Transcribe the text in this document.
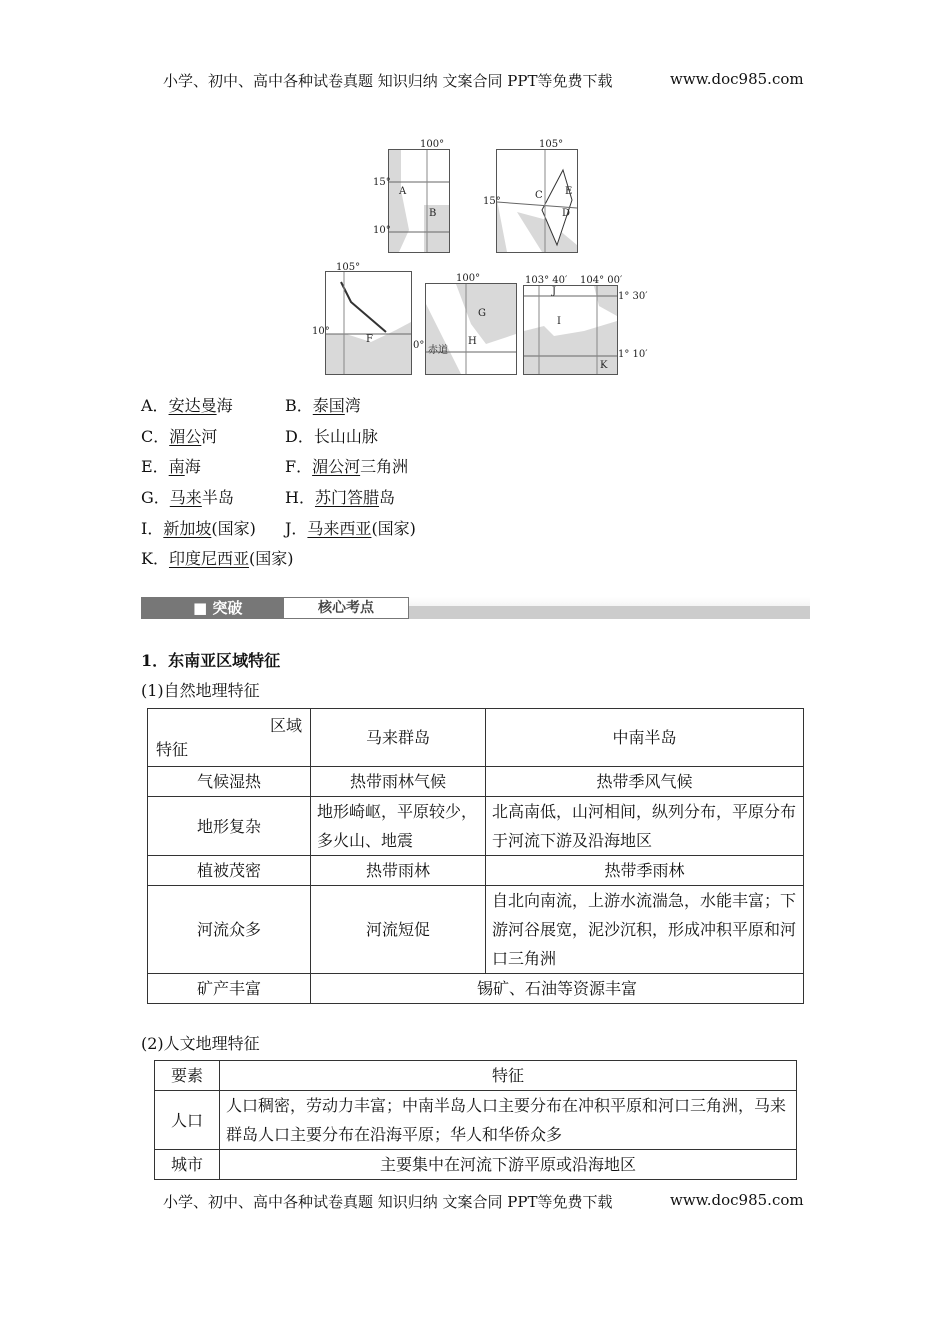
小学、初中、高中各种试卷真题 知识归纳 文案合同 PPT等免费下载	www.doc985.com
A
B
100°
15°
10°
C
D
E
105°
15°
F
105°
10°
G
H
赤道
100°
0°
J
I
K
103° 40′ 104° 00′
1° 30′
1° 10′
A．安达曼海	B．泰国湾
C．湄公河	D．长山山脉
E．南海	F．湄公河三角洲
G．马来半岛	H．苏门答腊岛
I．新加坡(国家) J．马来西亚(国家)
K．印度尼西亚(国家)
■ 突破	核心考点
1．东南亚区域特征
(1)自然地理特征
区域
特征	马来群岛	中南半岛
气候湿热	热带雨林气候	热带季风气候
地形复杂	地形崎岖，平原较少，多火山、地震	北高南低，山河相间，纵列分布，平原分布于河流下游及沿海地区
植被茂密	热带雨林	热带季雨林
河流众多	河流短促	自北向南流，上游水流湍急，水能丰富；下游河谷展宽，泥沙沉积，形成冲积平原和河口三角洲
矿产丰富	锡矿、石油等资源丰富	
(2)人文地理特征
要素	特征
人口	人口稠密，劳动力丰富；中南半岛人口主要分布在冲积平原和河口三角洲，马来群岛人口主要分布在沿海平原；华人和华侨众多
城市	主要集中在河流下游平原或沿海地区
小学、初中、高中各种试卷真题 知识归纳 文案合同 PPT等免费下载	www.doc985.com
